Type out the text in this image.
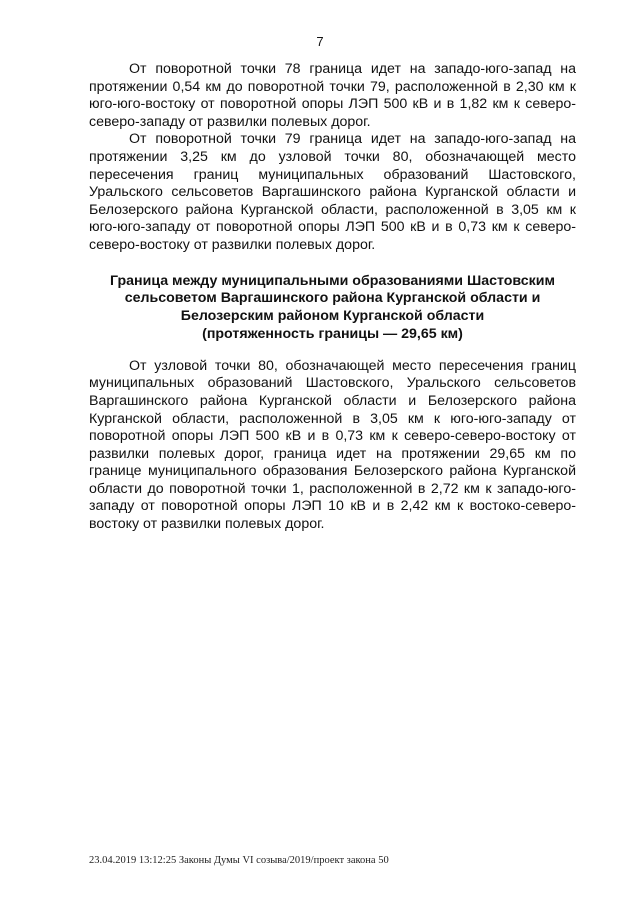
7

От поворотной точки 78 граница идет на западо-юго-запад на протяжении 0,54 км до поворотной точки 79, расположенной в 2,30 км к юго-юго-востоку от поворотной опоры ЛЭП 500 кВ и в 1,82 км к северо-северо-западу от развилки полевых дорог.

От поворотной точки 79 граница идет на западо-юго-запад на протяжении 3,25 км до узловой точки 80, обозначающей место пересечения границ муниципальных образований Шастовского, Уральского сельсоветов Варгашинского района Курганской области и Белозерского района Курганской области, расположенной в 3,05 км к юго-юго-западу от поворотной опоры ЛЭП 500 кВ и в 0,73 км к северо-северо-востоку от развилки полевых дорог.

Граница между муниципальными образованиями Шастовским
сельсоветом Варгашинского района Курганской области и
Белозерским районом Курганской области
(протяженность границы — 29,65 км)

От узловой точки 80, обозначающей место пересечения границ муниципальных образований Шастовского, Уральского сельсоветов Варгашинского района Курганской области и Белозерского района Курганской области, расположенной в 3,05 км к юго-юго-западу от поворотной опоры ЛЭП 500 кВ и в 0,73 км к северо-северо-востоку от развилки полевых дорог, граница идет на протяжении 29,65 км по границе муниципального образования Белозерского района Курганской области до поворотной точки 1, расположенной в 2,72 км к западо-юго-западу от поворотной опоры ЛЭП 10 кВ и в 2,42 км к востоко-северо-востоку от развилки полевых дорог.

23.04.2019 13:12:25 Законы Думы VI созыва/2019/проект закона 50
